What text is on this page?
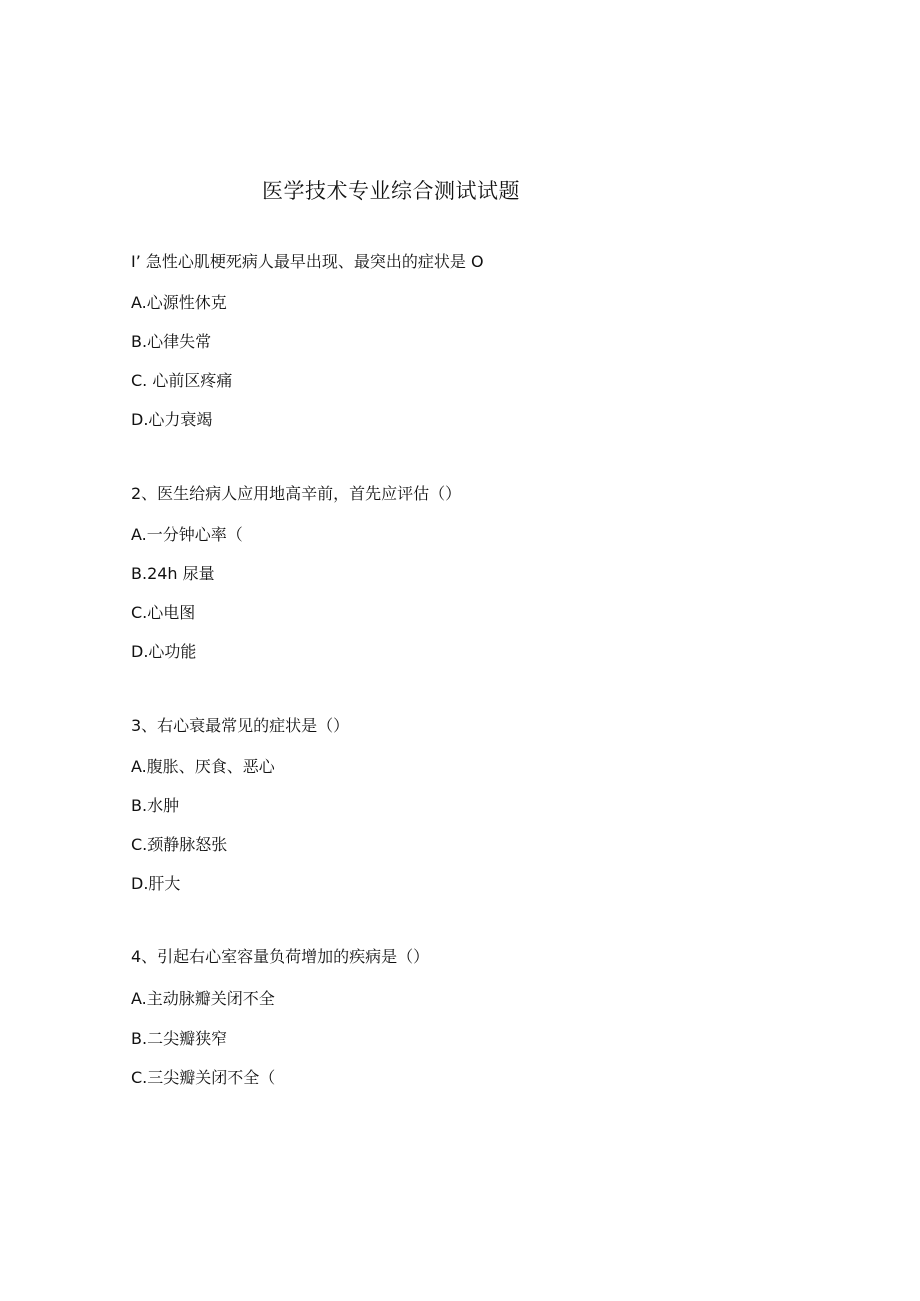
医学技术专业综合测试试题
I’ 急性心肌梗死病人最早出现、最突出的症状是 O
A.心源性休克
B.心律失常
C. 心前区疼痛
D.心力衰竭
2、医生给病人应用地高辛前，首先应评估（）
A.一分钟心率（
B.24h 尿量
C.心电图
D.心功能
3、右心衰最常见的症状是（）
A.腹胀、厌食、恶心
B.水肿
C.颈静脉怒张
D.肝大
4、引起右心室容量负荷增加的疾病是（）
A.主动脉瓣关闭不全
B.二尖瓣狭窄
C.三尖瓣关闭不全（
